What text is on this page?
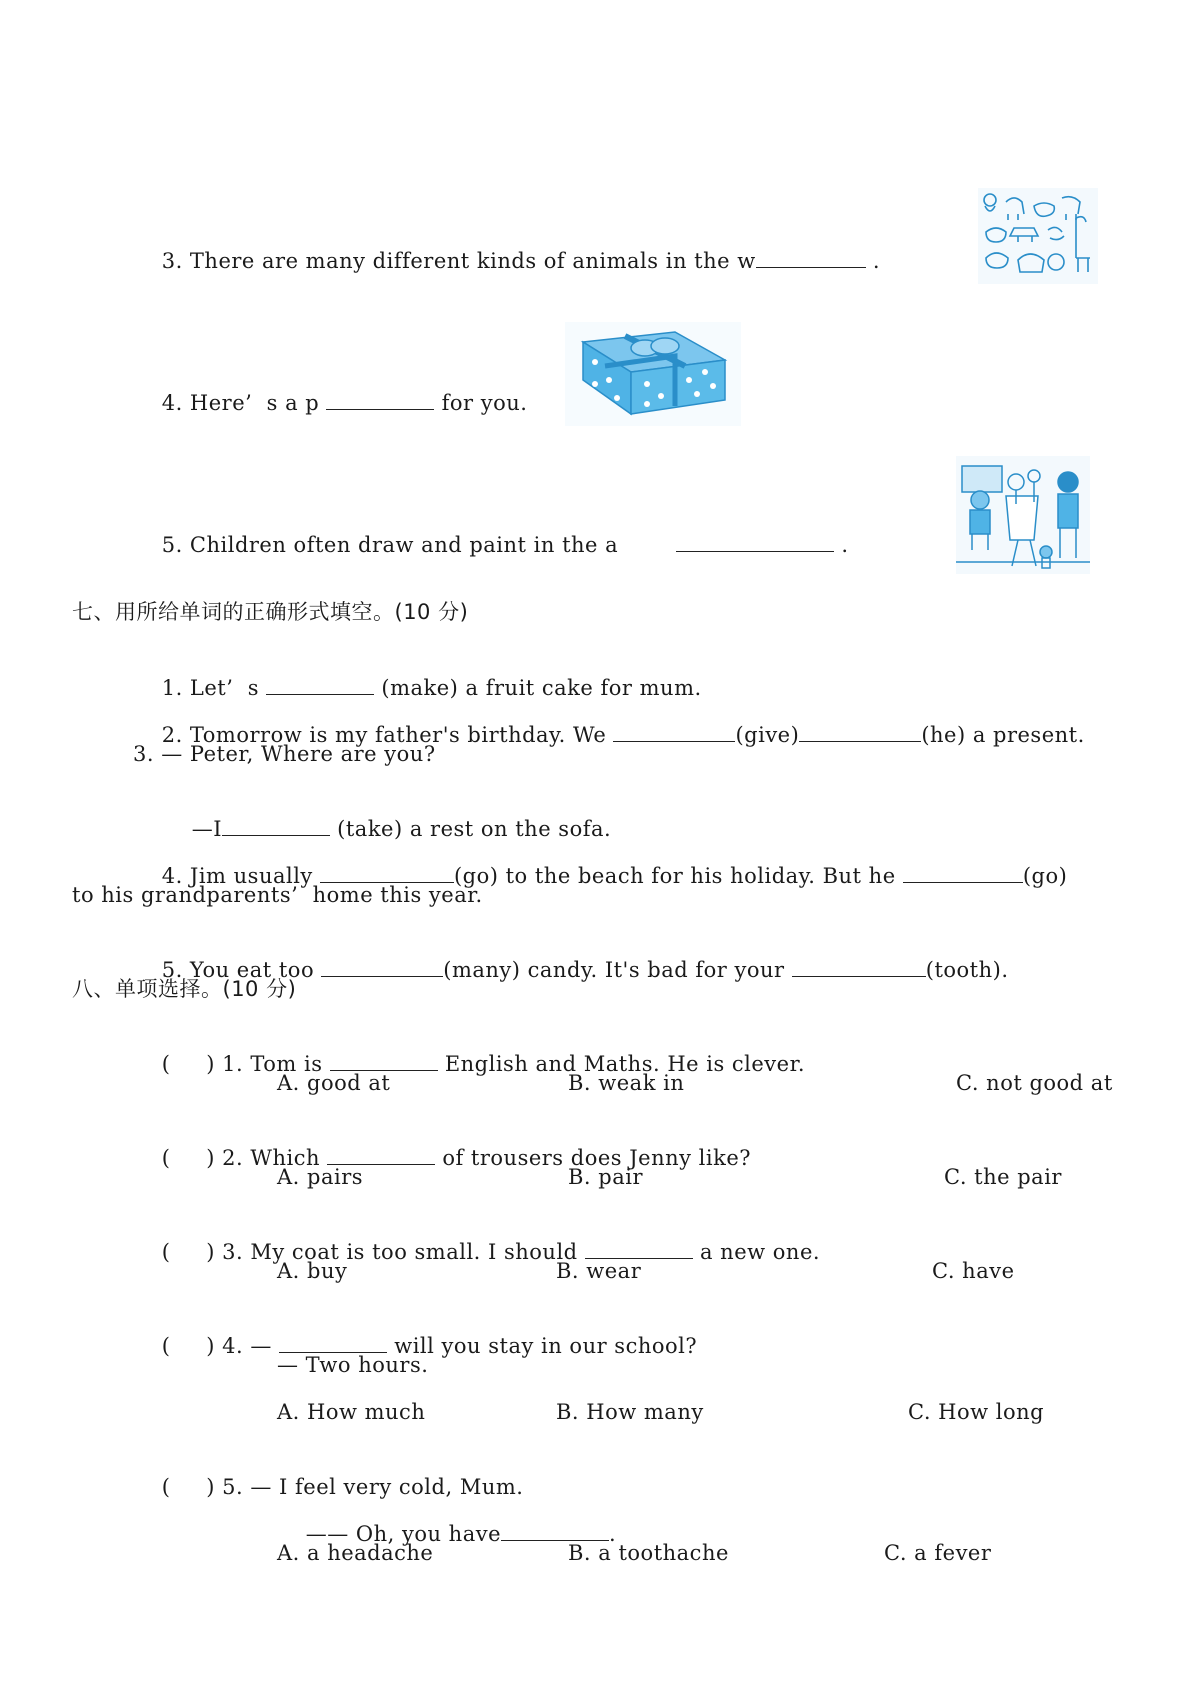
3. There are many different kinds of animals in the w	.

4. Here’  s a p	for you.

5. Children often draw and paint in the a	.

七、用所给单词的正确形式填空。(10 分)

1. Let’  s	(make) a fruit cake for mum.

2. Tomorrow is my father's birthday. We	(give)	(he) a present.

3. — Peter, Where are you?

—I	(take) a rest on the sofa.

4. Jim usually	(go) to the beach for his holiday. But he	(go)

to his grandparents’  home this year.

5. You eat too	(many) candy. It's bad for your	(tooth).

八、单项选择。(10 分)

(     ) 1. Tom is	English and Maths. He is clever.

A. good at	B. weak in	C. not good at

(     ) 2. Which	of trousers does Jenny like?

A. pairs	B. pair	C. the pair

(     ) 3. My coat is too small. I should	a new one.

A. buy	B. wear	C. have

(     ) 4. —	will you stay in our school?

— Two hours.
A. How much	B. How many	C. How long

(     ) 5. — I feel very cold, Mum.

—— Oh, you have	.

A. a headache	B. a toothache	C. a fever
